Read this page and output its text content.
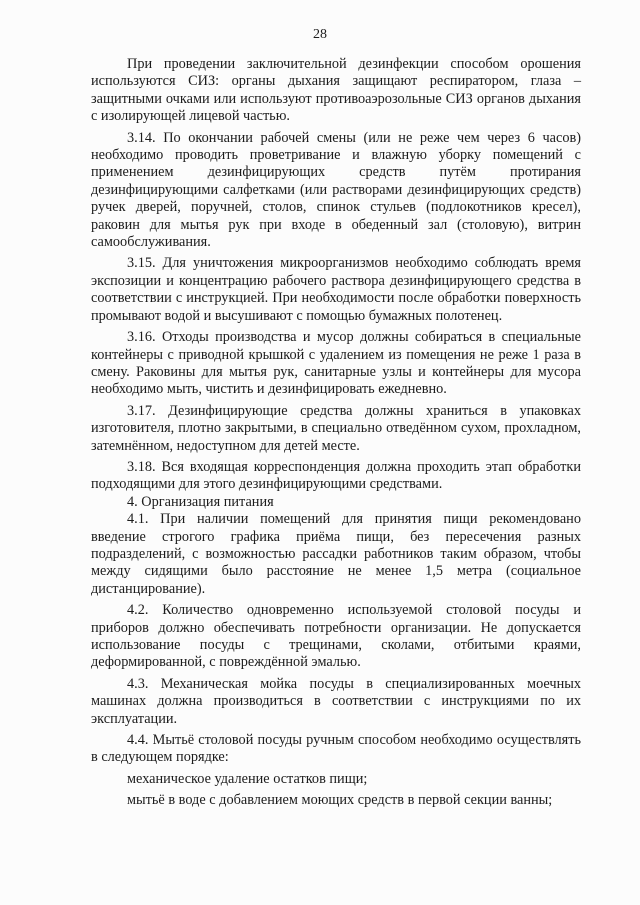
28

При проведении заключительной дезинфекции способом орошения используются СИЗ: органы дыхания защищают респиратором, глаза – защитными очками или используют противоаэрозольные СИЗ органов дыхания с изолирующей лицевой частью.

3.14. По окончании рабочей смены (или не реже чем через 6 часов) необходимо проводить проветривание и влажную уборку помещений с применением дезинфицирующих средств путём протирания дезинфицирующими салфетками (или растворами дезинфицирующих средств) ручек дверей, поручней, столов, спинок стульев (подлокотников кресел), раковин для мытья рук при входе в обеденный зал (столовую), витрин самообслуживания.

3.15. Для уничтожения микроорганизмов необходимо соблюдать время экспозиции и концентрацию рабочего раствора дезинфицирующего средства в соответствии с инструкцией. При необходимости после обработки поверхность промывают водой и высушивают с помощью бумажных полотенец.

3.16. Отходы производства и мусор должны собираться в специальные контейнеры с приводной крышкой с удалением из помещения не реже 1 раза в смену. Раковины для мытья рук, санитарные узлы и контейнеры для мусора необходимо мыть, чистить и дезинфицировать ежедневно.

3.17. Дезинфицирующие средства должны храниться в упаковках изготовителя, плотно закрытыми, в специально отведённом сухом, прохладном, затемнённом, недоступном для детей месте.

3.18. Вся входящая корреспонденция должна проходить этап обработки подходящими для этого дезинфицирующими средствами.

4. Организация питания

4.1. При наличии помещений для принятия пищи рекомендовано введение строгого графика приёма пищи, без пересечения разных подразделений, с возможностью рассадки работников таким образом, чтобы между сидящими было расстояние не менее 1,5 метра (социальное дистанцирование).

4.2. Количество одновременно используемой столовой посуды и приборов должно обеспечивать потребности организации. Не допускается использование посуды с трещинами, сколами, отбитыми краями, деформированной, с повреждённой эмалью.

4.3. Механическая мойка посуды в специализированных моечных машинах должна производиться в соответствии с инструкциями по их эксплуатации.

4.4. Мытьё столовой посуды ручным способом необходимо осуществлять в следующем порядке:

механическое удаление остатков пищи;

мытьё в воде с добавлением моющих средств в первой секции ванны;
